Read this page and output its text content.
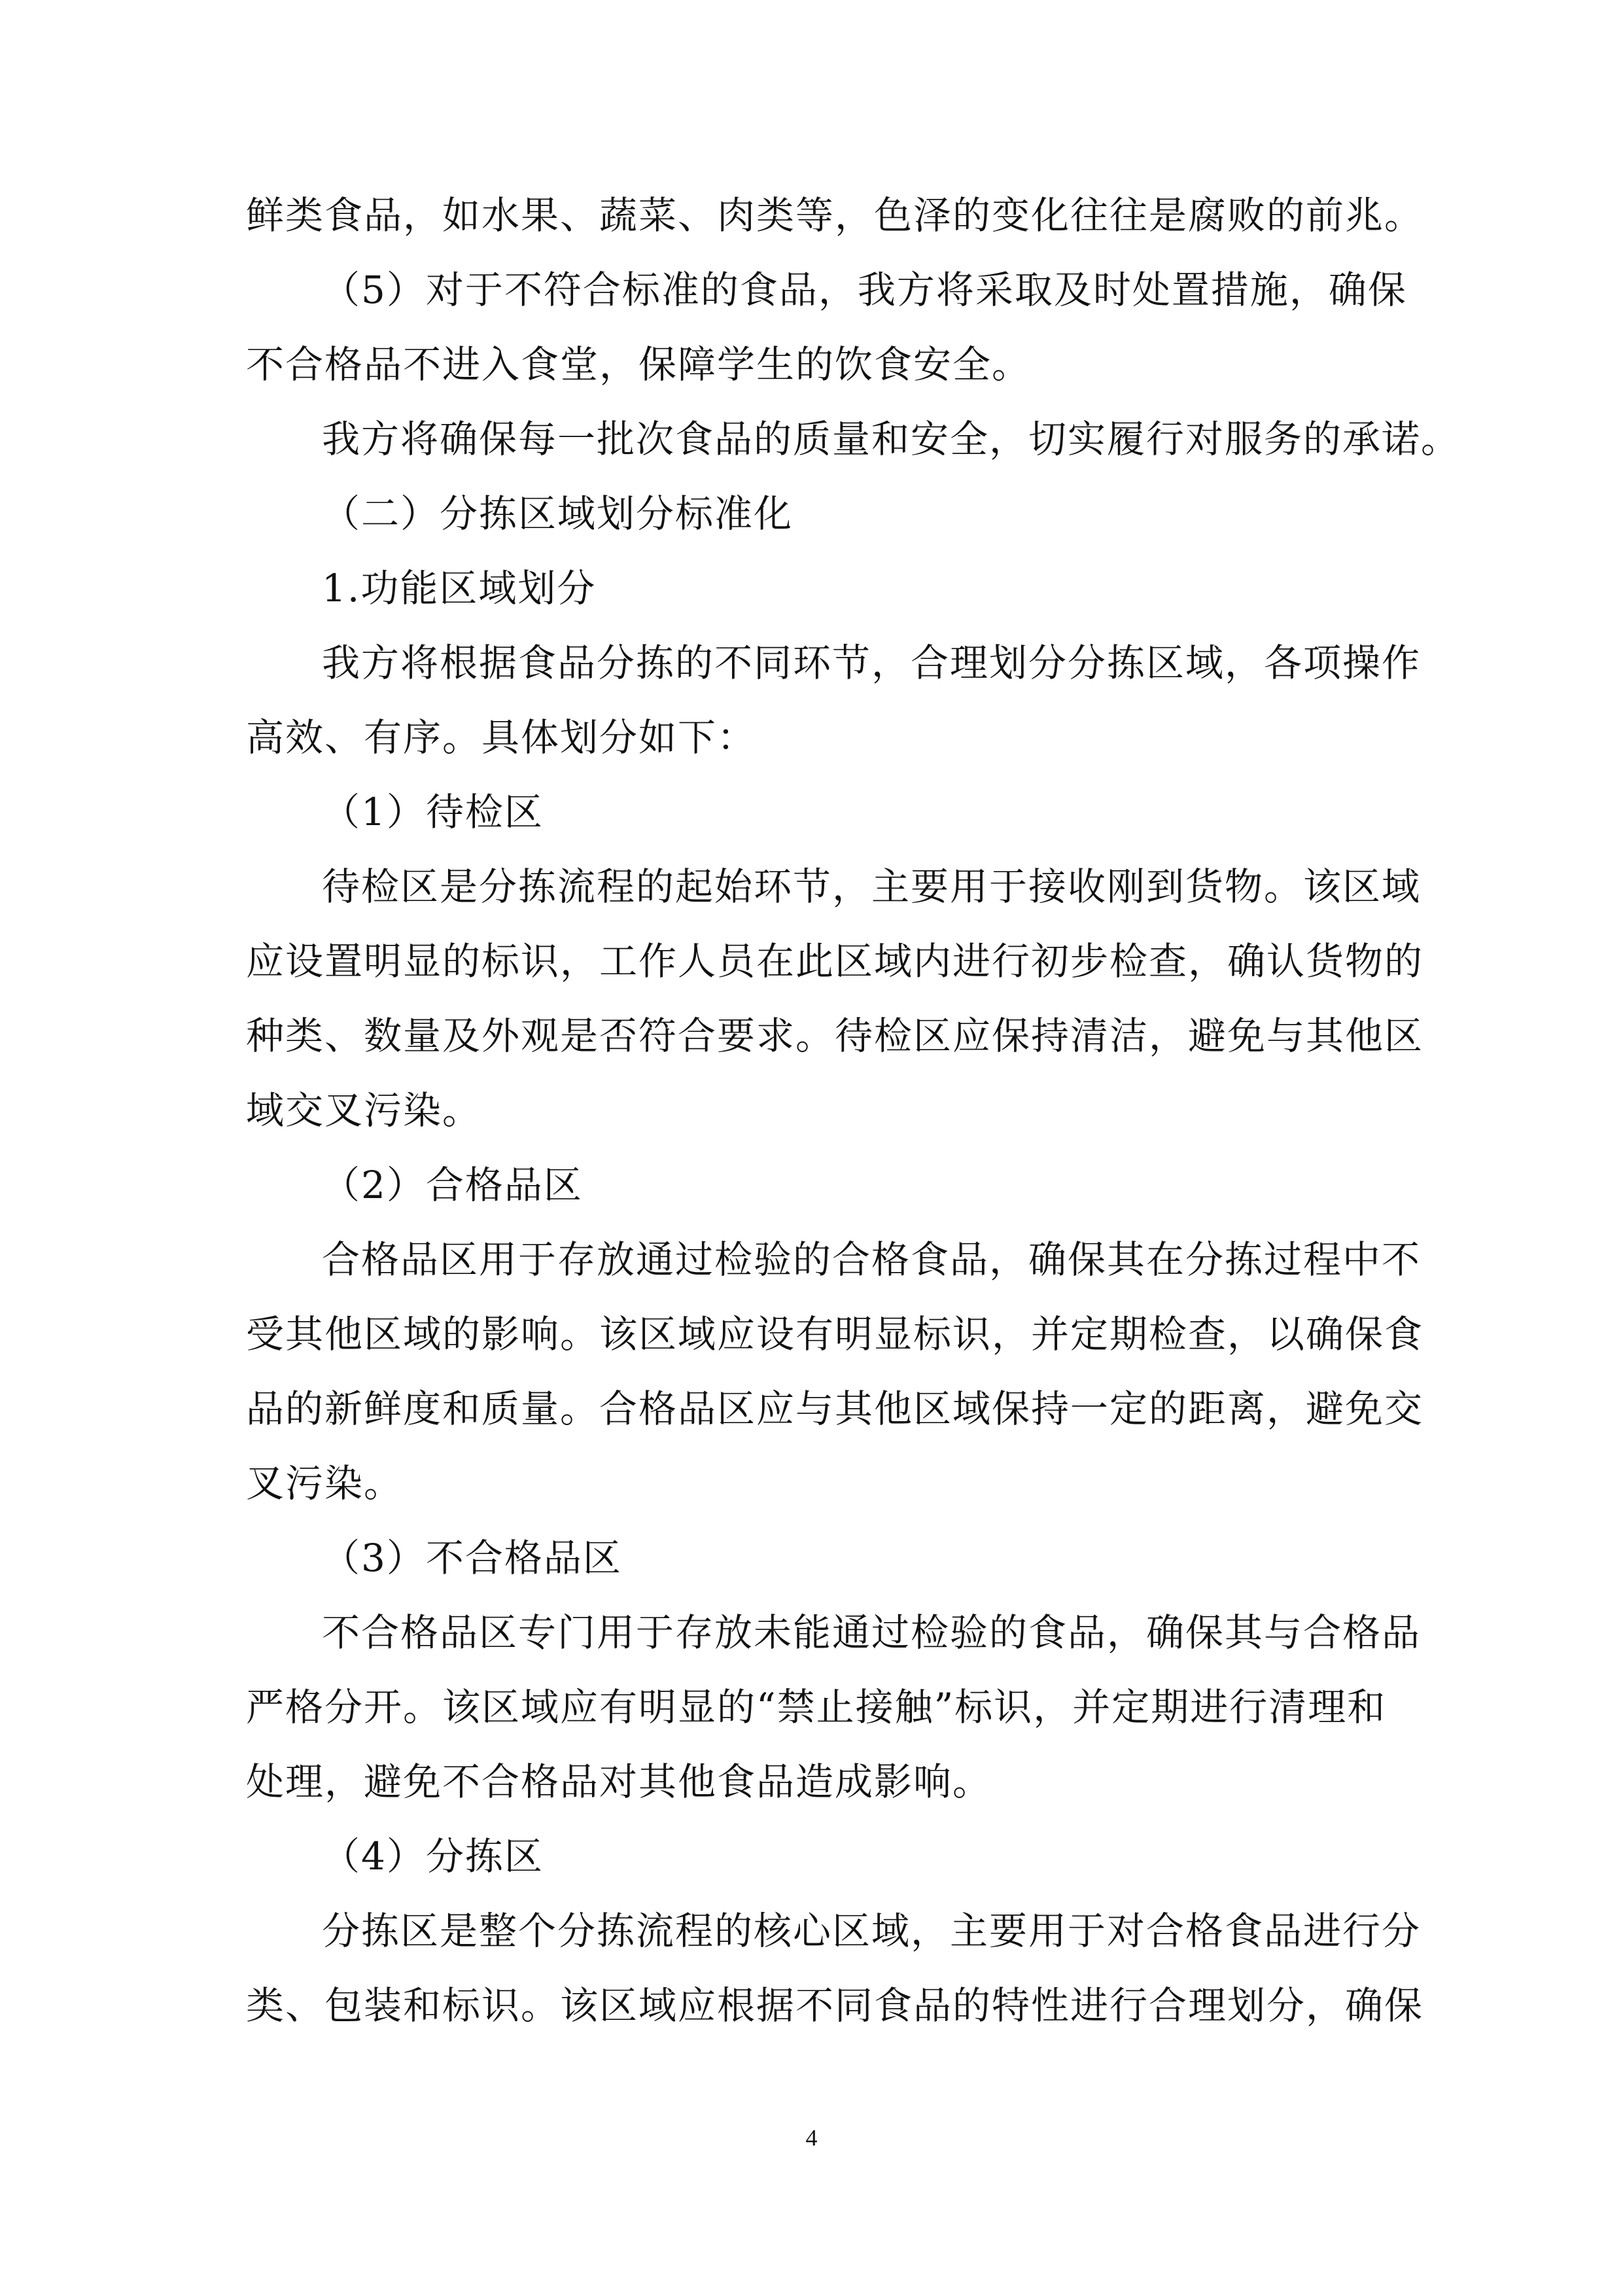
鲜类食品，如水果、蔬菜、肉类等，色泽的变化往往是腐败的前兆。
（5）对于不符合标准的食品，我方将采取及时处置措施，确保
不合格品不进入食堂，保障学生的饮食安全。
我方将确保每一批次食品的质量和安全，切实履行对服务的承诺。
（二）分拣区域划分标准化
1.功能区域划分
我方将根据食品分拣的不同环节，合理划分分拣区域，各项操作
高效、有序。具体划分如下：
（1）待检区
待检区是分拣流程的起始环节，主要用于接收刚到货物。该区域
应设置明显的标识，工作人员在此区域内进行初步检查，确认货物的
种类、数量及外观是否符合要求。待检区应保持清洁，避免与其他区
域交叉污染。
（2）合格品区
合格品区用于存放通过检验的合格食品，确保其在分拣过程中不
受其他区域的影响。该区域应设有明显标识，并定期检查，以确保食
品的新鲜度和质量。合格品区应与其他区域保持一定的距离，避免交
叉污染。
（3）不合格品区
不合格品区专门用于存放未能通过检验的食品，确保其与合格品
严格分开。该区域应有明显的“禁止接触”标识，并定期进行清理和
处理，避免不合格品对其他食品造成影响。
（4）分拣区
分拣区是整个分拣流程的核心区域，主要用于对合格食品进行分
类、包装和标识。该区域应根据不同食品的特性进行合理划分，确保
4
